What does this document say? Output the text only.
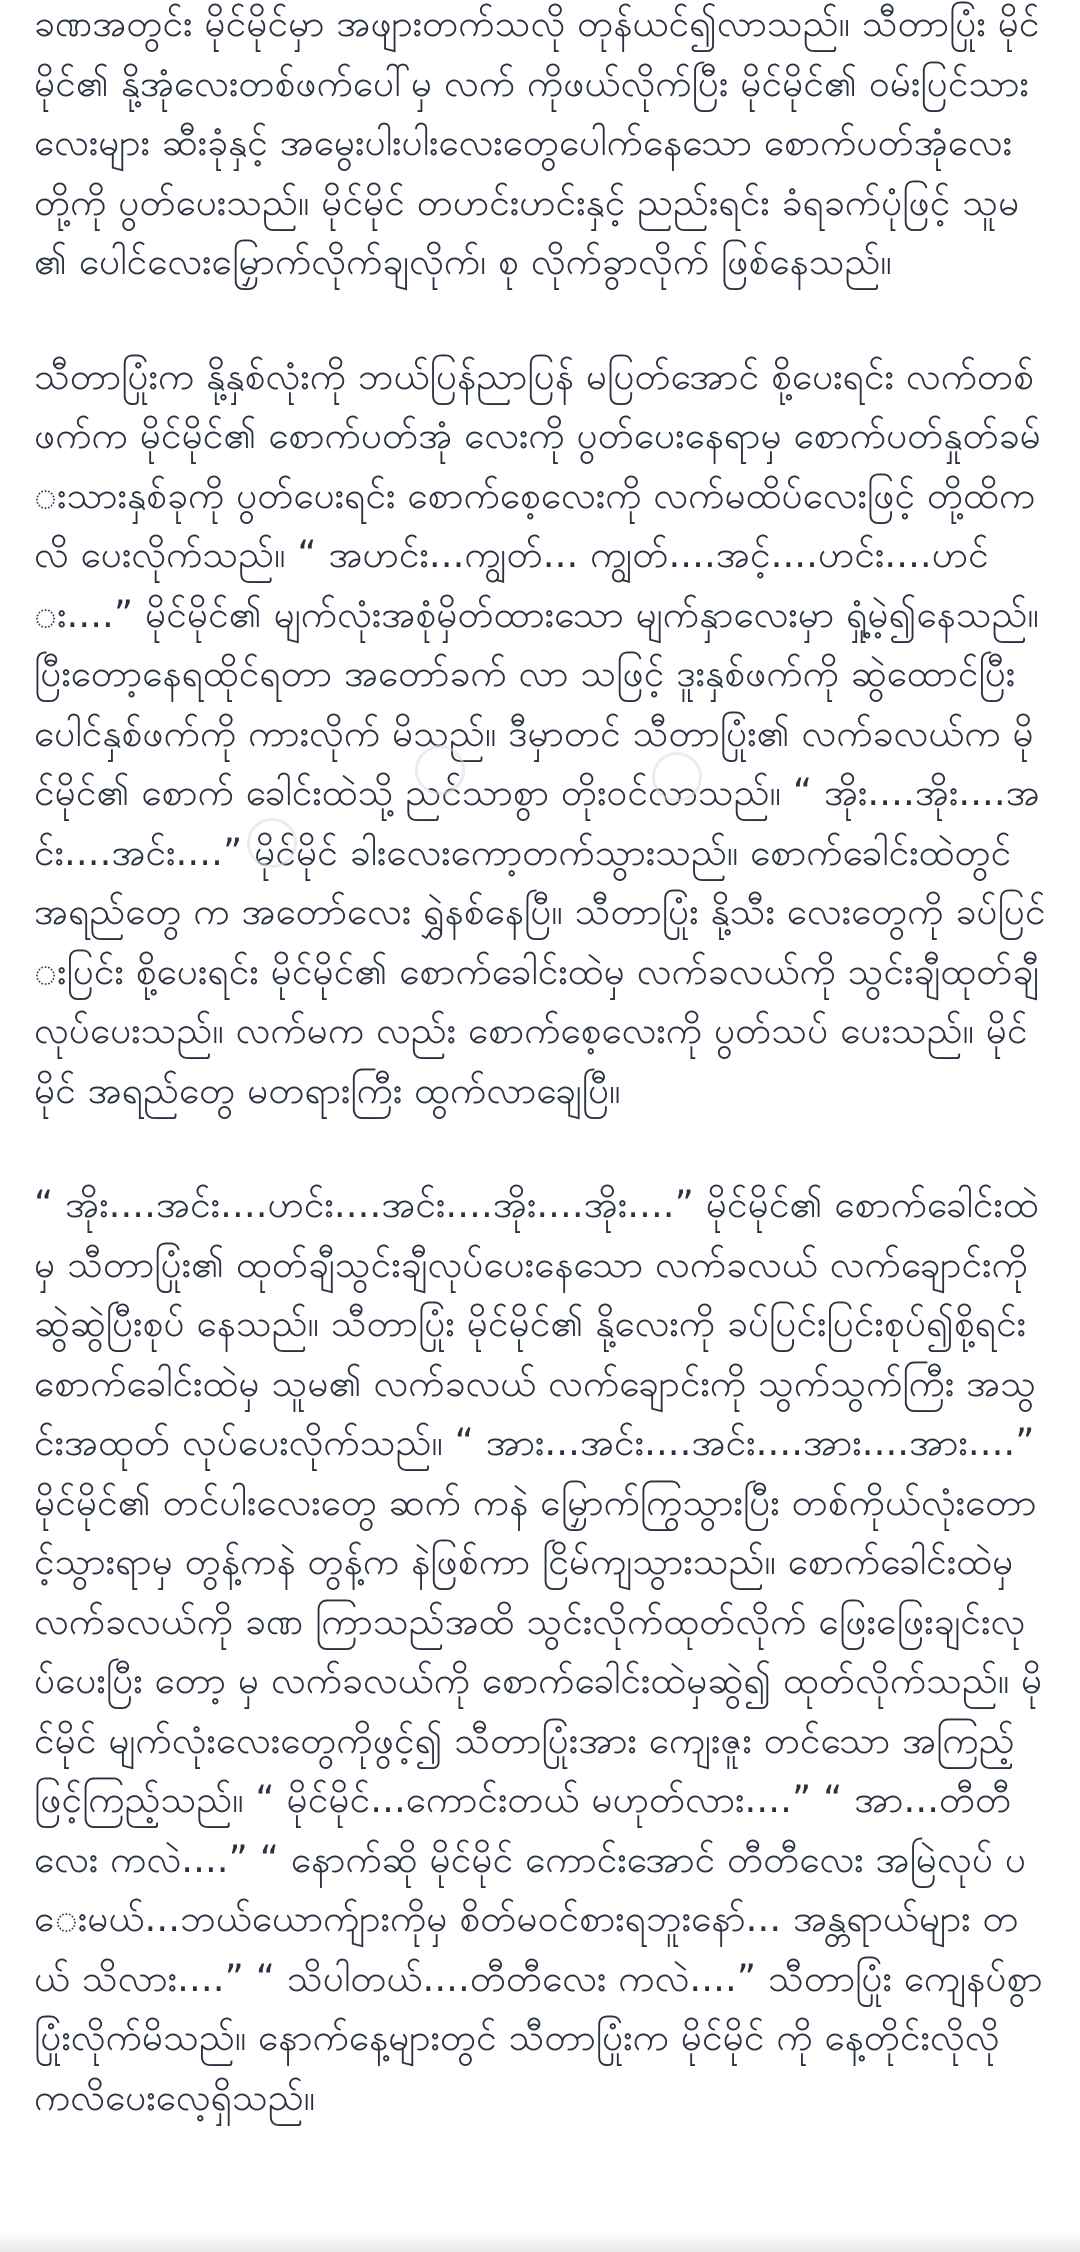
ခဏအတွင်း မိုင်မိုင်မှာ အဖျားတက်သလို တုန်ယင်၍လာသည်။ သီတာပြုံး မိုင်မိုင်၏ နို့အုံလေးတစ်ဖက်ပေါ်မှ လက် ကိုဖယ်လိုက်ပြီး မိုင်မိုင်၏ ဝမ်းပြင်သားလေးများ ဆီးခုံနှင့် အမွေးပါးပါးလေးတွေပေါက်နေသော စောက်ပတ်အုံလေးတို့ကို ပွတ်ပေးသည်။ မိုင်မိုင် တဟင်းဟင်းနှင့် ညည်းရင်း ခံရခက်ပုံဖြင့် သူမ၏ ပေါင်လေးမြှောက်လိုက်ချလိုက်၊ စု လိုက်ခွာလိုက် ဖြစ်နေသည်။

သီတာပြုံးက နို့နှစ်လုံးကို ဘယ်ပြန်ညာပြန် မပြတ်အောင် စို့ပေးရင်း လက်တစ်ဖက်က မိုင်မိုင်၏ စောက်ပတ်အုံ လေးကို ပွတ်ပေးနေရာမှ စောက်ပတ်နှုတ်ခမ်းသားနှစ်ခုကို ပွတ်ပေးရင်း စောက်စေ့လေးကို လက်မထိပ်လေးဖြင့် တို့ထိကလိ ပေးလိုက်သည်။ “ အဟင်း...ကျွတ်... ကျွတ်....အင့်....ဟင်း....ဟင်း....” မိုင်မိုင်၏ မျက်လုံးအစုံမှိတ်ထားသော မျက်နှာလေးမှာ ရှုံ့မဲ့၍နေသည်။ ပြီးတော့နေရထိုင်ရတာ အတော်ခက် လာ သဖြင့် ဒူးနှစ်ဖက်ကို ဆွဲထောင်ပြီး ပေါင်နှစ်ဖက်ကို ကားလိုက် မိသည်။ ဒီမှာတင် သီတာပြုံး၏ လက်ခလယ်က မိုင်မိုင်၏ စောက် ခေါင်းထဲသို့ ညင်သာစွာ တိုးဝင်လာသည်။ “ အိုး....အိုး....အင်း....အင်း....” မိုင်မိုင် ခါးလေးကော့တက်သွားသည်။ စောက်ခေါင်းထဲတွင် အရည်တွေ က အတော်လေး ရွှဲနစ်နေပြီ။ သီတာပြုံး နို့သီး လေးတွေကို ခပ်ပြင်းပြင်း စို့ပေးရင်း မိုင်မိုင်၏ စောက်ခေါင်းထဲမှ လက်ခလယ်ကို သွင်းချီထုတ်ချီ လုပ်ပေးသည်။ လက်မက လည်း စောက်စေ့လေးကို ပွတ်သပ် ပေးသည်။ မိုင်မိုင် အရည်တွေ မတရားကြီး ထွက်လာချေပြီ။

“ အိုး....အင်း....ဟင်း....အင်း....အိုး....အိုး....” မိုင်မိုင်၏ စောက်ခေါင်းထဲမှ သီတာပြုံး၏ ထုတ်ချီသွင်းချီလုပ်ပေးနေသော လက်ခလယ် လက်ချောင်းကို ဆွဲဆွဲပြီးစုပ် နေသည်။ သီတာပြုံး မိုင်မိုင်၏ နို့လေးကို ခပ်ပြင်းပြင်းစုပ်၍စို့ရင်း စောက်ခေါင်းထဲမှ သူမ၏ လက်ခလယ် လက်ချောင်းကို သွက်သွက်ကြီး အသွင်းအထုတ် လုပ်ပေးလိုက်သည်။ “ အား...အင်း....အင်း....အား....အား....” မိုင်မိုင်၏ တင်ပါးလေးတွေ ဆက် ကနဲ မြှောက်ကြွသွားပြီး တစ်ကိုယ်လုံးတောင့်သွားရာမှ တွန့်ကနဲ တွန့်က နဲဖြစ်ကာ ငြိမ်ကျသွားသည်။ စောက်ခေါင်းထဲမှ လက်ခလယ်ကို ခဏ ကြာသည်အထိ သွင်းလိုက်ထုတ်လိုက် ဖြေးဖြေးချင်းလုပ်ပေးပြီး တော့ မှ လက်ခလယ်ကို စောက်ခေါင်းထဲမှဆွဲ၍ ထုတ်လိုက်သည်။ မိုင်မိုင် မျက်လုံးလေးတွေကိုဖွင့်၍ သီတာပြုံးအား ကျေးဇူး တင်သော အကြည့် ဖြင့်ကြည့်သည်။ “ မိုင်မိုင်...ကောင်းတယ် မဟုတ်လား....” “ အာ...တီတီ လေး ကလဲ....” “ နောက်ဆို မိုင်မိုင် ကောင်းအောင် တီတီလေး အမြဲလုပ် ပေးမယ်...ဘယ်ယောက်ျားကိုမှ စိတ်မဝင်စားရဘူးနော်... အန္တရာယ်များ တယ် သိလား....” “ သိပါတယ်....တီတီလေး ကလဲ....” သီတာပြုံး ကျေနပ်စွာ ပြုံးလိုက်မိသည်။ နောက်နေ့များတွင် သီတာပြုံးက မိုင်မိုင် ကို နေ့တိုင်းလိုလို ကလိပေးလေ့ရှိသည်။
